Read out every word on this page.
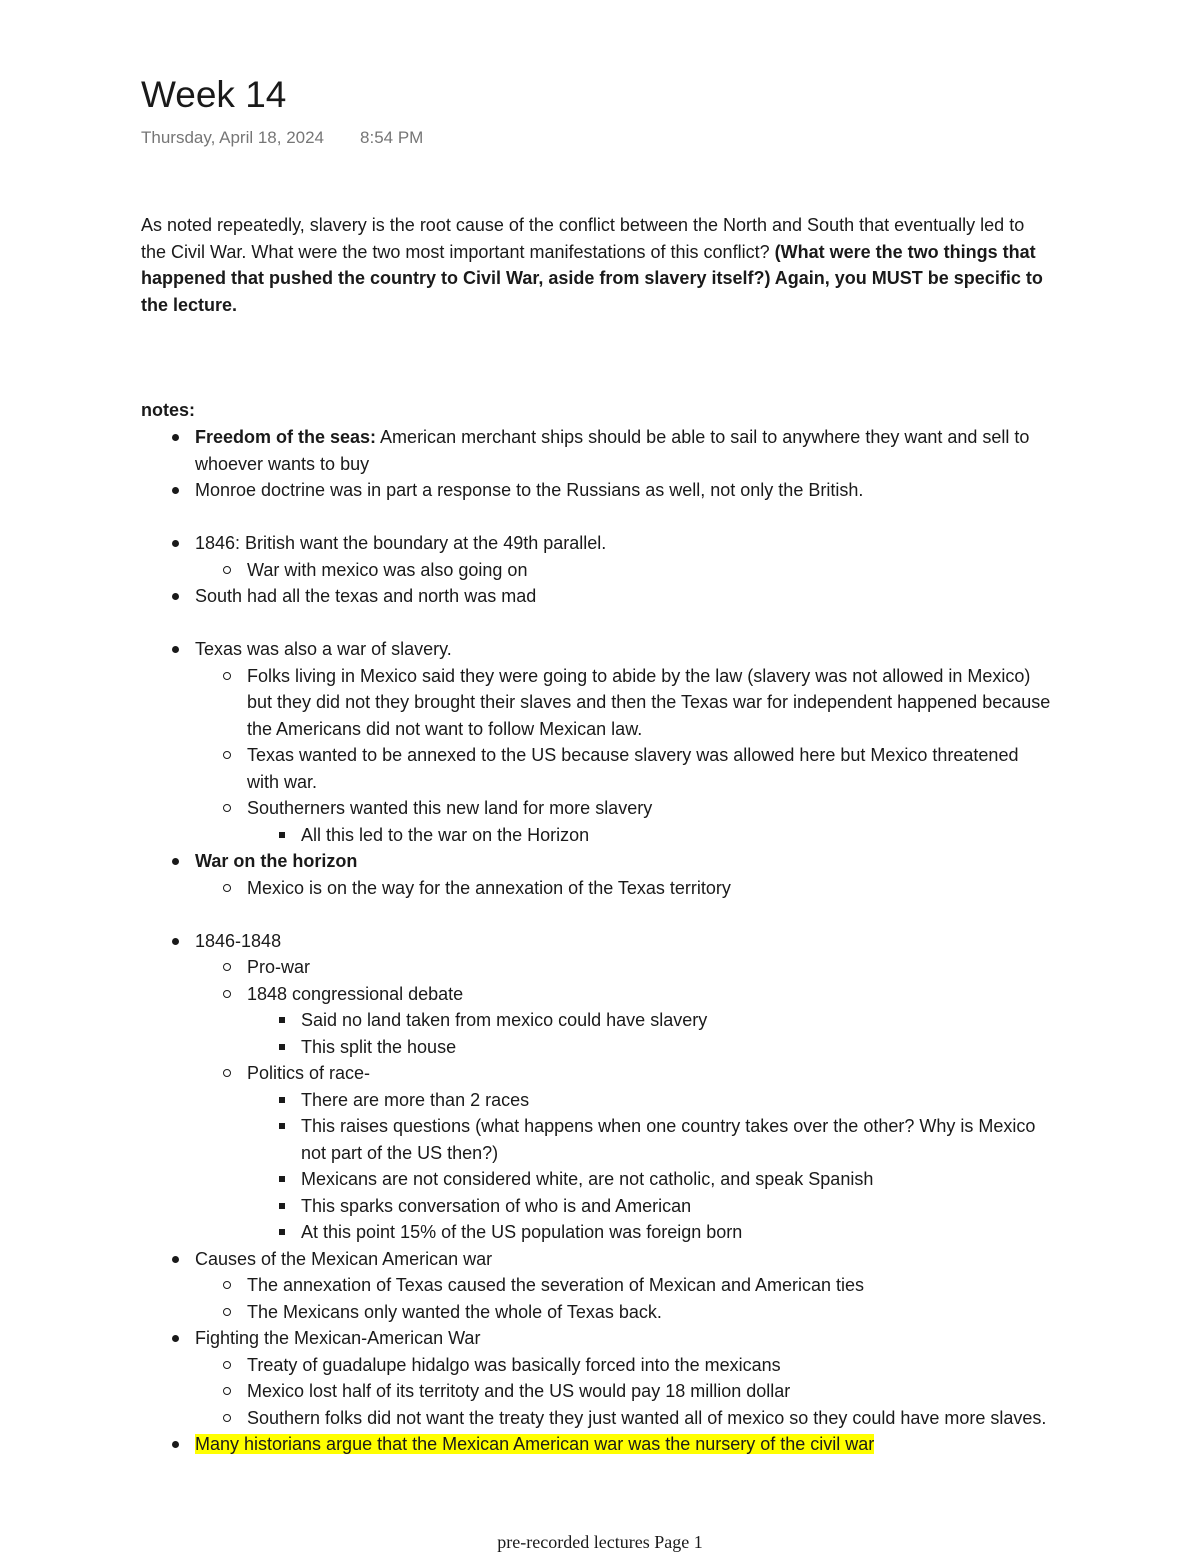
Week 14
Thursday, April 18, 2024 8:54 PM

As noted repeatedly, slavery is the root cause of the conflict between the North and South that eventually led to the Civil War. What were the two most important manifestations of this conflict? (What were the two things that happened that pushed the country to Civil War, aside from slavery itself?) Again, you MUST be specific to the lecture.

notes:
Freedom of the seas: American merchant ships should be able to sail to anywhere they want and sell to whoever wants to buy
Monroe doctrine was in part a response to the Russians as well, not only the British.
1846: British want the boundary at the 49th parallel.
War with mexico was also going on
South had all the texas and north was mad
Texas was also a war of slavery.
Folks living in Mexico said they were going to abide by the law (slavery was not allowed in Mexico) but they did not they brought their slaves and then the Texas war for independent happened because the Americans did not want to follow Mexican law.
Texas wanted to be annexed to the US because slavery was allowed here but Mexico threatened with war.
Southerners wanted this new land for more slavery
All this led to the war on the Horizon
War on the horizon
Mexico is on the way for the annexation of the Texas territory
1846-1848
Pro-war
1848 congressional debate
Said no land taken from mexico could have slavery
This split the house
Politics of race-
There are more than 2 races
This raises questions (what happens when one country takes over the other? Why is Mexico not part of the US then?)
Mexicans are not considered white, are not catholic, and speak Spanish
This sparks conversation of who is and American
At this point 15% of the US population was foreign born
Causes of the Mexican American war
The annexation of Texas caused the severation of Mexican and American ties
The Mexicans only wanted the whole of Texas back.
Fighting the Mexican-American War
Treaty of guadalupe hidalgo was basically forced into the mexicans
Mexico lost half of its territoty and the US would pay 18 million dollar
Southern folks did not want the treaty they just wanted all of mexico so they could have more slaves.
Many historians argue that the Mexican American war was the nursery of the civil war
pre-recorded lectures Page 1
